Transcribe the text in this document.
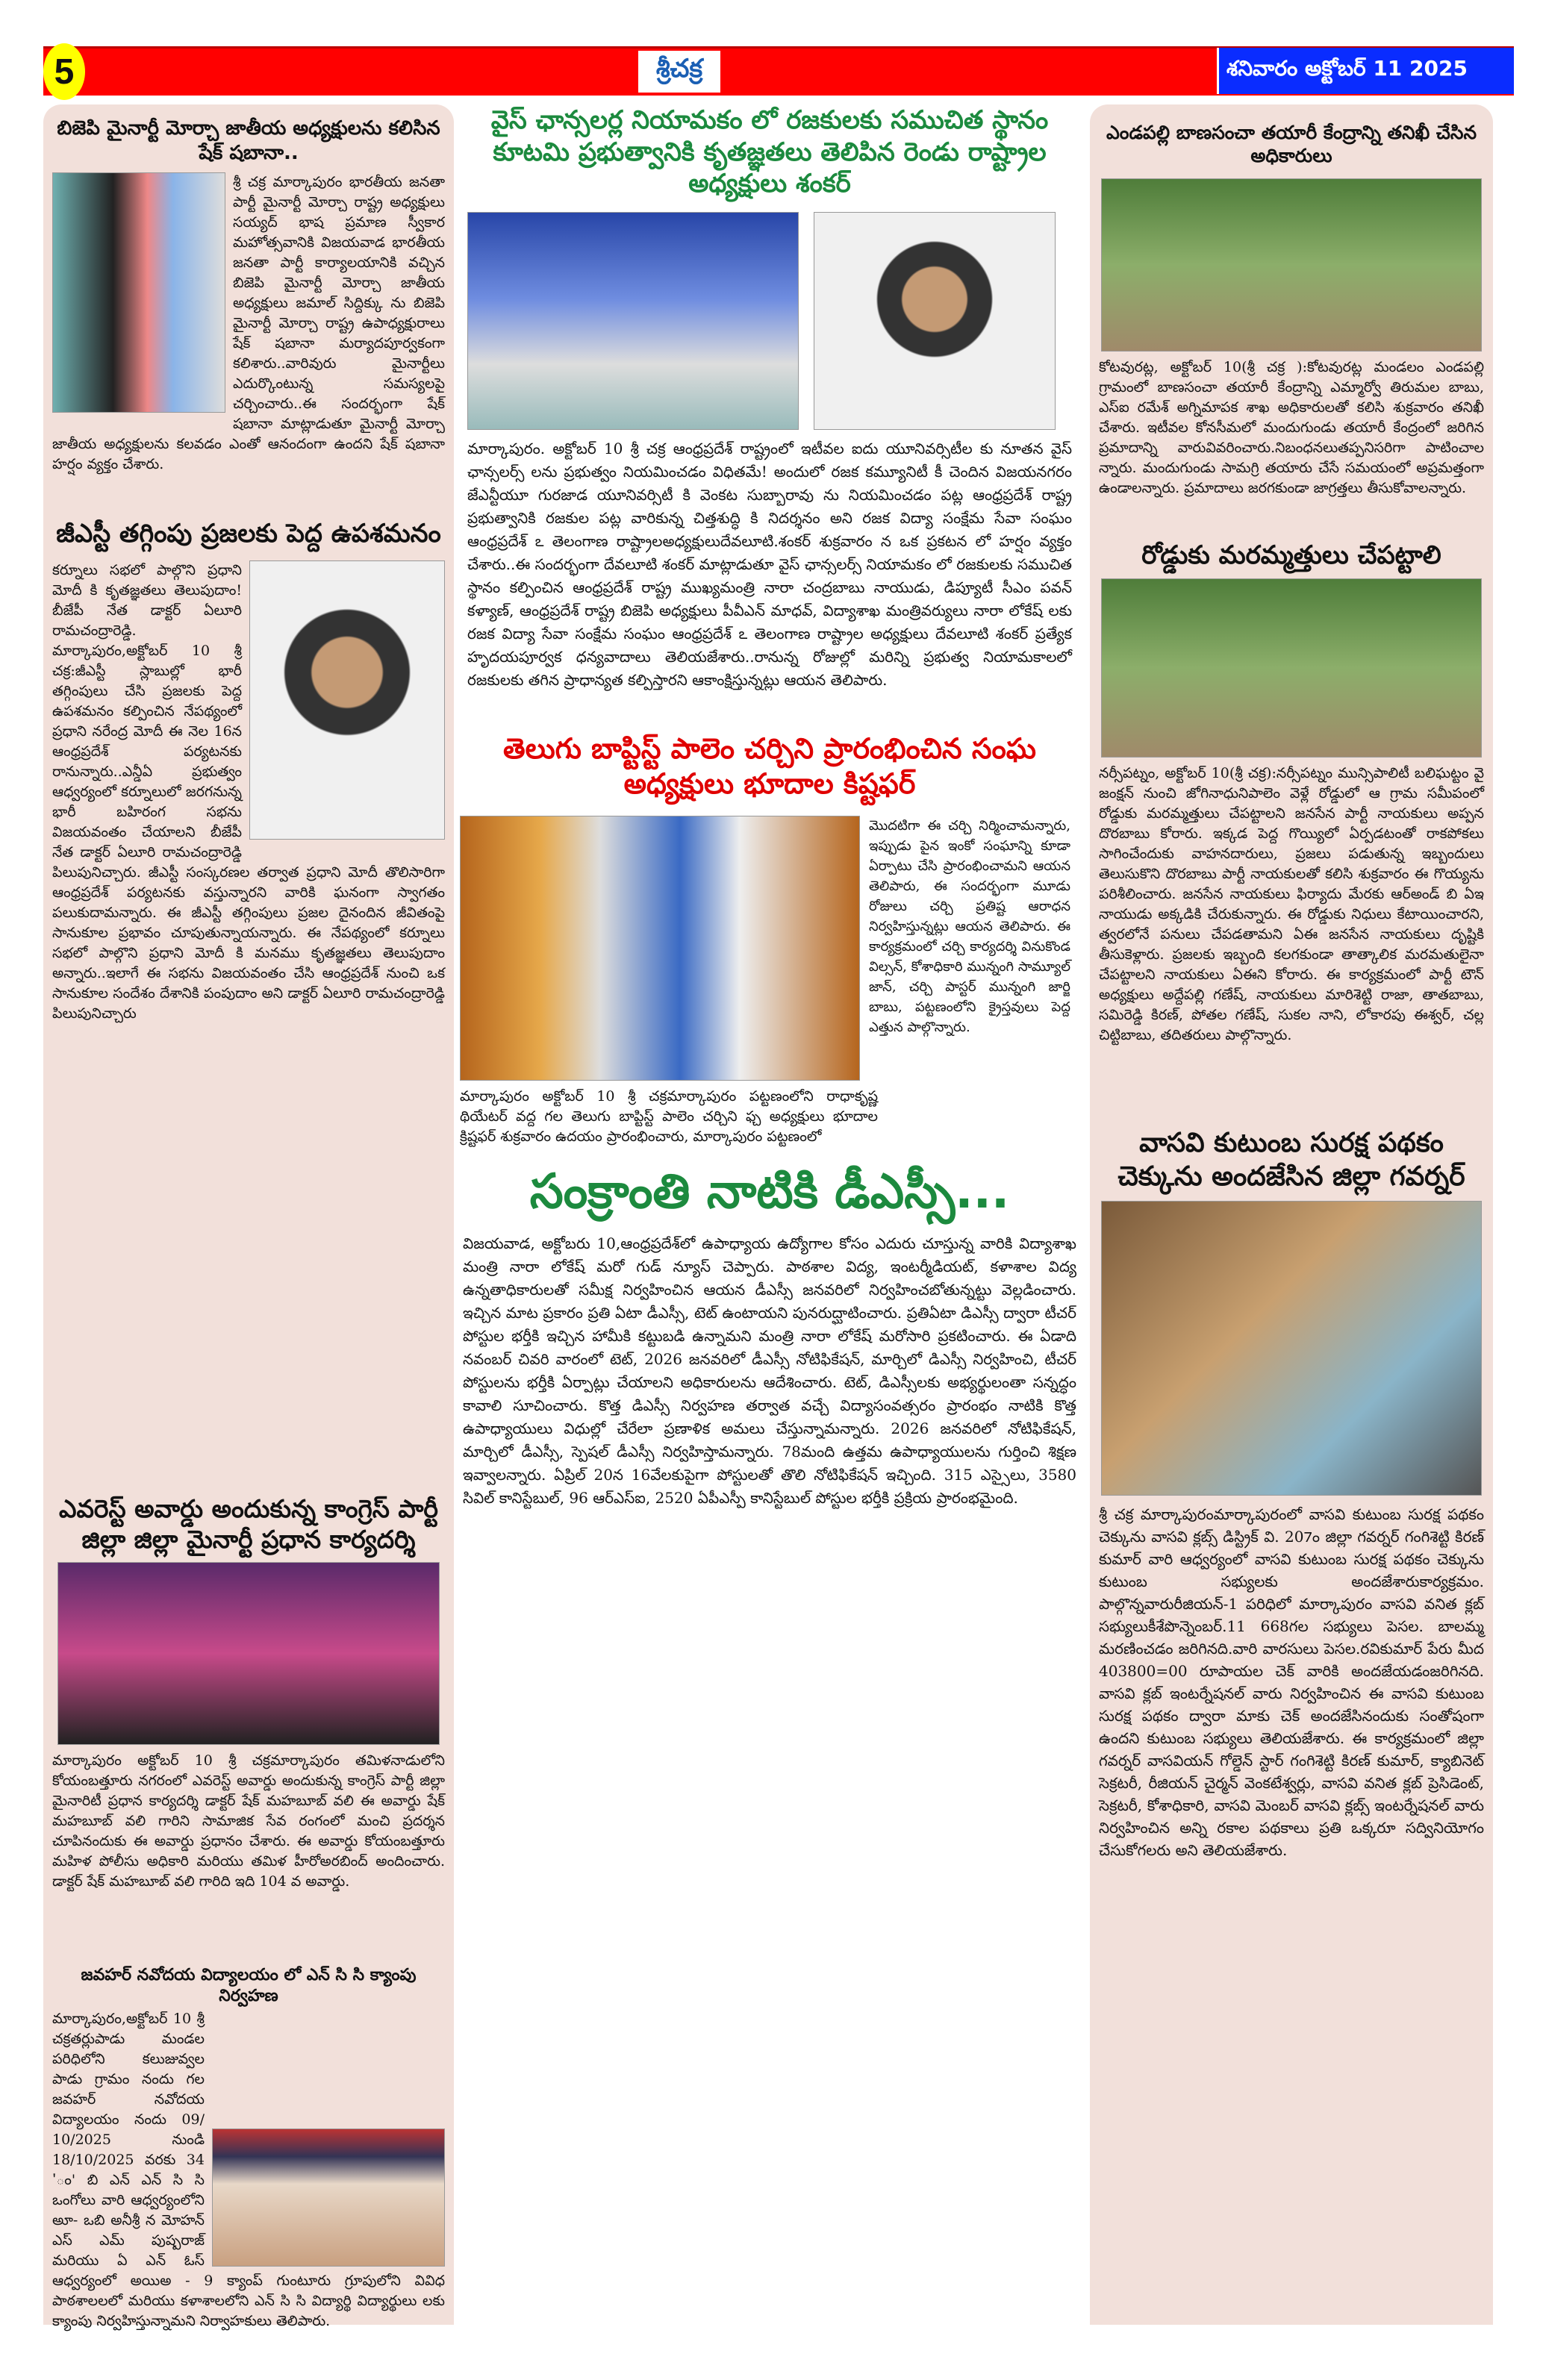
5	శ్రీచక్ర	శనివారం అక్టోబర్ 11 2025
బిజెపి మైనార్టీ మోర్చా జాతీయ అధ్యక్షులను కలిసిన షేక్ షబానా..
శ్రీ చక్ర మార్కాపురం భారతీయ జనతా పార్టీ మైనార్టీ మోర్చా రాష్ట్ర అధ్యక్షులు సయ్యద్ భాష ప్రమాణ స్వీకార మహోత్సవానికి విజయవాడ భారతీయ జనతా పార్టీ కార్యాలయానికి వచ్చిన బిజెపి మైనార్టీ మోర్చా జాతీయ అధ్యక్షులు జమాల్ సిద్దిక్కు ను బిజెపి మైనార్టీ మోర్చా రాష్ట్ర ఉపాధ్యక్షురాలు షేక్ షబానా మర్యాదపూర్వకంగా కలిశారు..వారివురు మైనార్టీలు ఎదుర్కొంటున్న సమస్యలపై చర్చించారు..ఈ సందర్భంగా షేక్ షబానా మాట్లాడుతూ మైనార్టీ మోర్చా జాతీయ అధ్యక్షులను కలవడం ఎంతో ఆనందంగా ఉందని షేక్ షబానా హర్షం వ్యక్తం చేశారు.
జీఎస్టీ తగ్గింపు ప్రజలకు పెద్ద ఉపశమనం
కర్నూలు సభలో పాల్గొని ప్రధాని మోదీ కి కృతజ్ఞతలు తెలుపుదాం! బీజేపీ నేత డాక్టర్ ఏలూరి రామచంద్రారెడ్డి. మార్కాపురం,అక్టోబర్ 10 శ్రీ చక్ర:జీఎస్టీ స్లాబుల్లో భారీ తగ్గింపులు చేసి ప్రజలకు పెద్ద ఉపశమనం కల్పించిన నేపథ్యంలో ప్రధాని నరేంద్ర మోదీ ఈ నెల 16న ఆంధ్రప్రదేశ్ పర్యటనకు రానున్నారు..ఎన్డీఏ ప్రభుత్వం ఆధ్వర్యంలో కర్నూలులో జరగనున్న భారీ బహిరంగ సభను విజయవంతం చేయాలని బీజేపీ నేత డాక్టర్ ఏలూరి రామచంద్రారెడ్డి పిలుపునిచ్చారు. జీఎస్టీ సంస్కరణల తర్వాత ప్రధాని మోదీ తొలిసారిగా ఆంధ్రప్రదేశ్ పర్యటనకు వస్తున్నారని వారికి ఘనంగా స్వాగతం పలుకుదామన్నారు. ఈ జీఎస్టీ తగ్గింపులు ప్రజల దైనందిన జీవితంపై సానుకూల ప్రభావం చూపుతున్నాయన్నారు. ఈ నేపథ్యంలో కర్నూలు సభలో పాల్గొని ప్రధాని మోదీ కి మనము కృతజ్ఞతలు తెలుపుదాం అన్నారు..ఇలాగే ఈ సభను విజయవంతం చేసి ఆంధ్రప్రదేశ్ నుంచి ఒక సానుకూల సందేశం దేశానికి పంపుదాం అని డాక్టర్ ఏలూరి రామచంద్రారెడ్డి పిలుపునిచ్చారు
ఎవరెస్ట్ అవార్డు అందుకున్న కాంగ్రెస్ పార్టీ జిల్లా జిల్లా మైనార్టీ ప్రధాన కార్యదర్శి
మార్కాపురం అక్టోబర్ 10 శ్రీ చక్రమార్కాపురం తమిళనాడులోని కోయంబత్తూరు నగరంలో ఎవరెస్ట్ అవార్డు అందుకున్న కాంగ్రెస్ పార్టీ జిల్లా మైనారిటీ ప్రధాన కార్యదర్శి డాక్టర్ షేక్ మహబూబ్ వలి ఈ అవార్డు షేక్ మహబూబ్ వలి గారిని సామాజిక సేవ రంగంలో మంచి ప్రదర్శన చూపినందుకు ఈ అవార్డు ప్రధానం చేశారు. ఈ అవార్డు కోయంబత్తూరు మహిళ పోలీసు అధికారి మరియు తమిళ హీరోఅరబింద్ అందించారు. డాక్టర్ షేక్ మహబూబ్ వలి గారిది ఇది 104 వ అవార్డు.
జవహర్ నవోదయ విద్యాలయం లో ఎన్ సి సి క్యాంపు నిర్వహణ
మార్కాపురం,అక్టోబర్ 10 శ్రీ చక్రతర్లుపాడు మండల పరిధిలోని కలుజువ్వల పాడు గ్రామం నందు గల జవహర్ నవోదయ విద్యాలయం నందు 09/ 10/2025 నుండి 18/10/2025 వరకు 34 'ం' బి ఎన్ ఎన్ సి సి ఒంగోలు వారి ఆధ్వర్యంలోని అూ- ఒబి అనీశ్రీ న మోహన్ ఎస్ ఎమ్ పుష్పరాజ్ మరియు ఏ ఎన్ ఓస్ ఆధ్వర్యంలో అయిఅ - 9 క్యాంప్ గుంటూరు గ్రూపులోని వివిధ పాఠశాలలలో మరియు కళాశాలలోని ఎన్ సి సి విద్యార్థి విద్యార్థులు లకు క్యాంపు నిర్వహిస్తున్నామని నిర్వాహకులు తెలిపారు.
వైస్ ఛాన్సలర్ల నియామకం లో రజకులకు సముచిత స్థానం కూటమి ప్రభుత్వానికి కృతజ్ఞతలు తెలిపిన రెండు రాష్ట్రాల అధ్యక్షులు శంకర్
మార్కాపురం. అక్టోబర్ 10 శ్రీ చక్ర ఆంధ్రప్రదేశ్ రాష్ట్రంలో ఇటీవల ఐదు యూనివర్సిటీల కు నూతన వైస్ ఛాన్సలర్స్ లను ప్రభుత్వం నియమించడం విధితమే! అందులో రజక కమ్యూనిటీ కీ చెందిన విజయనగరం జేఎన్టీయూ గురజాడ యూనివర్సిటీ కి వెంకట సుబ్బారావు ను నియమించడం పట్ల ఆంధ్రప్రదేశ్ రాష్ట్ర ప్రభుత్వానికి రజకుల పట్ల వారికున్న చిత్తశుద్ధి కి నిదర్శనం అని రజక విద్యా సంక్షేమ సేవా సంఘం ఆంధ్రప్రదేశ్ ఽ తెలంగాణ రాష్ట్రాలఅధ్యక్షులుదేవలూటి.శంకర్ శుక్రవారం న ఒక ప్రకటన లో హర్షం వ్యక్తం చేశారు..ఈ సందర్భంగా దేవలూటి శంకర్ మాట్లాడుతూ వైస్ ఛాన్సలర్స్ నియామకం లో రజకులకు సముచిత స్థానం కల్పించిన ఆంధ్రప్రదేశ్ రాష్ట్ర ముఖ్యమంత్రి నారా చంద్రబాబు నాయుడు, డిప్యూటీ సీఎం పవన్ కళ్యాణ్, ఆంధ్రప్రదేశ్ రాష్ట్ర బిజెపి అధ్యక్షులు పీవీఎన్ మాధవ్, విద్యాశాఖ మంత్రివర్యులు నారా లోకేష్ లకు రజక విద్యా సేవా సంక్షేమ సంఘం ఆంధ్రప్రదేశ్ ఽ తెలంగాణ రాష్ట్రాల అధ్యక్షులు దేవలూటి శంకర్ ప్రత్యేక హృదయపూర్వక ధన్యవాదాలు తెలియజేశారు..రానున్న రోజుల్లో మరిన్ని ప్రభుత్వ నియామకాలలో రజకులకు తగిన ప్రాధాన్యత కల్పిస్తారని ఆకాంక్షిస్తున్నట్లు ఆయన తెలిపారు.
తెలుగు బాప్టిస్ట్ పాలెం చర్చిని ప్రారంభించిన సంఘ అధ్యక్షులు భూదాల కిష్టఫర్
మొదటిగా ఈ చర్చి నిర్మించామన్నారు, ఇప్పుడు పైన ఇంకో సంఘాన్ని కూడా ఏర్పాటు చేసి ప్రారంభించామని ఆయన తెలిపారు, ఈ సందర్భంగా మూడు రోజులు చర్చి ప్రతిష్ట ఆరాధన నిర్వహిస్తున్నట్లు ఆయన తెలిపారు. ఈ కార్యక్రమంలో చర్చి కార్యదర్శి వినుకొండ విల్సన్, కోశాధికారి మున్నంగి సామ్యూల్ జాన్, చర్చి పాస్టర్ మున్నంగి జార్జి బాబు, పట్టణంలోని క్రైస్తవులు పెద్ద ఎత్తున పాల్గొన్నారు.
మార్కాపురం అక్టోబర్ 10 శ్రీ చక్రమార్కాపురం పట్టణంలోని రాధాకృష్ణ థియేటర్ వద్ద గల తెలుగు బాప్టిస్ట్ పాలెం చర్చిని ఫ్చ అధ్యక్షులు భూదాల క్రిష్టఫర్ శుక్రవారం ఉదయం ప్రారంభించారు, మార్కాపురం పట్టణంలో
సంక్రాంతి నాటికి డీఎస్సీ...
విజయవాడ, అక్టోబరు 10,ఆంధ్రప్రదేశ్‌లో ఉపాధ్యాయ ఉద్యోగాల కోసం ఎదురు చూస్తున్న వారికి విద్యాశాఖ మంత్రి నారా లోకేష్ మరో గుడ్ న్యూస్ చెప్పారు. పాఠశాల విద్య, ఇంటర్మీడియట్, కళాశాల విద్య ఉన్నతాధికారులతో సమీక్ష నిర్వహించిన ఆయన డీఎస్సీ జనవరిలో నిర్వహించబోతున్నట్టు వెల్లడించారు. ఇచ్చిన మాట ప్రకారం ప్రతి ఏటా డీఎస్సీ, టెట్ ఉంటాయని పునరుద్ఘాటించారు. ప్రతిఏటా డిఎస్సీ ద్వారా టీచర్ పోస్టుల భర్తీకి ఇచ్చిన హామీకి కట్టుబడి ఉన్నామని మంత్రి నారా లోకేష్ మరోసారి ప్రకటించారు. ఈ ఏడాది నవంబర్ చివరి వారంలో టెట్, 2026 జనవరిలో డీఎస్సీ నోటిఫికేషన్, మార్చిలో డిఎస్సీ నిర్వహించి, టీచర్ పోస్టులను భర్తీకి ఏర్పాట్లు చేయాలని అధికారులను ఆదేశించారు. టెట్, డిఎస్సీలకు అభ్యర్థులంతా సన్నద్ధం కావాలి సూచించారు. కొత్త డిఎస్సీ నిర్వహణ తర్వాత వచ్చే విద్యాసంవత్సరం ప్రారంభం నాటికి కొత్త ఉపాధ్యాయులు విధుల్లో చేరేలా ప్రణాళిక అమలు చేస్తున్నామన్నారు. 2026 జనవరిలో నోటిఫికేషన్, మార్చిలో డీఎస్సీ, స్పెషల్ డీఎస్సీ నిర్వహిస్తామన్నారు. 78మంది ఉత్తమ ఉపాధ్యాయులను గుర్తించి శిక్షణ ఇవ్వాలన్నారు. ఏప్రిల్ 20న 16వేలకుపైగా పోస్టులతో తొలి నోటిఫికేషన్ ఇచ్చింది. 315 ఎస్సైలు, 3580 సివిల్ కానిస్టేబుల్, 96 ఆర్ఎస్ఐ, 2520 ఏపీఎస్పీ కానిస్టేబుల్ పోస్టుల భర్తీకి ప్రక్రియ ప్రారంభమైంది.
ఎండపల్లి బాణసంచా తయారీ కేంద్రాన్ని తనిఖీ చేసిన అధికారులు
కోటవురట్ల, అక్టోబర్ 10(శ్రీ చక్ర ):కోటవురట్ల మండలం ఎండపల్లి గ్రామంలో బాణసంచా తయారీ కేంద్రాన్ని ఎమ్మార్వో తిరుమల బాబు, ఎస్ఐ రమేశ్ అగ్నిమాపక శాఖ అధికారులతో కలిసి శుక్రవారం తనిఖీ చేశారు. ఇటీవల కోనసీమలో మందుగుండు తయారీ కేంద్రంలో జరిగిన ప్రమాదాన్ని వారువివరించారు.నిబంధనలుతప్పనిసరిగా పాటించాల న్నారు. మందుగుండు సామగ్రి తయారు చేసే సమయంలో అప్రమత్తంగా ఉండాలన్నారు. ప్రమాదాలు జరగకుండా జాగ్రత్తలు తీసుకోవాలన్నారు.
రోడ్డుకు మరమ్మత్తులు చేపట్టాలి
నర్సీపట్నం, అక్టోబర్ 10(శ్రీ చక్ర):నర్సీపట్నం మున్సిపాలిటీ బలిఘట్టం వై జంక్షన్ నుంచి జోగినాధునిపాలెం వెళ్లే రోడ్డులో ఆ గ్రామ సమీపంలో రోడ్డుకు మరమ్మత్తులు చేపట్టాలని జనసేన పార్టీ నాయకులు అప్పన దొరబాబు కోరారు. ఇక్కడ పెద్ద గొయ్యిలో ఏర్పడటంతో రాకపోకలు సాగించేందుకు వాహనదారులు, ప్రజలు పడుతున్న ఇబ్బందులు తెలుసుకొని దొరబాబు పార్టీ నాయకులతో కలిసి శుక్రవారం ఈ గొయ్యను పరిశీలించారు. జనసేన నాయకులు ఫిర్యాదు మేరకు ఆర్అండ్ బి ఏఇ నాయుడు అక్కడికి చేరుకున్నారు. ఈ రోడ్డుకు నిధులు కేటాయించారని, త్వరలోనే పనులు చేపడతామని ఏఈ జనసేన నాయకులు దృష్టికి తీసుకెళ్లారు. ప్రజలకు ఇబ్బంది కలగకుండా తాత్కాలిక మరమతులైనా చేపట్టాలని నాయకులు ఏఈని కోరారు. ఈ కార్యక్రమంలో పార్టీ టౌన్ అధ్యక్షులు అద్దేపల్లి గణేష్, నాయకులు మారిశెట్టి రాజా, తాతబాబు, సమిరెడ్డి కిరణ్, పోతల గణేష్, సుకల నాని, లోకారపు ఈశ్వర్, చల్ల చిట్టిబాబు, తదితరులు పాల్గొన్నారు.
వాసవి కుటుంబ సురక్ష పథకం చెక్కును అందజేసిన జిల్లా గవర్నర్
శ్రీ చక్ర మార్కాపురంమార్కాపురంలో వాసవి కుటుంబ సురక్ష పథకం చెక్కును వాసవి క్లబ్స్ డిస్ట్రిక్ వి. 207ం జిల్లా గవర్నర్ గంగిశెట్టి కిరణ్ కుమార్ వారి ఆధ్వర్యంలో వాసవి కుటుంబ సురక్ష పథకం చెక్కును కుటుంబ సభ్యులకు అందజేశారుకార్యక్రమం. పాల్గొన్నవారురీజియన్-1 పరిధిలో మార్కాపురం వాసవి వనిత క్లబ్ సభ్యులుకీశేపొన్నెంబర్.11 668గల సభ్యులు పెసల. బాలమ్మ మరణించడం జరిగినది.వారి వారసులు పెసల.రవికుమార్ పేరు మీద 403800=00 రూపాయల చెక్ వారికి అందజేయడంజరిగినది. వాసవి క్లబ్ ఇంటర్నేషనల్ వారు నిర్వహించిన ఈ వాసవి కుటుంబ సురక్ష పథకం ద్వారా మాకు చెక్ అందజేసినందుకు సంతోషంగా ఉందని కుటుంబ సభ్యులు తెలియజేశారు. ఈ కార్యక్రమంలో జిల్లా గవర్నర్ వాసవియన్ గోల్డెన్ స్టార్ గంగిశెట్టి కిరణ్ కుమార్, క్యాబినెట్ సెక్రటరీ, రీజియన్ చైర్మన్ వెంకటేశ్వర్లు, వాసవి వనిత క్లబ్ ప్రెసిడెంట్, సెక్రటరీ, కోశాధికారి, వాసవి మెంబర్ వాసవి క్లబ్స్ ఇంటర్నేషనల్ వారు నిర్వహించిన అన్ని రకాల పథకాలు ప్రతి ఒక్కరూ సద్వినియోగం చేసుకోగలరు అని తెలియజేశారు.
